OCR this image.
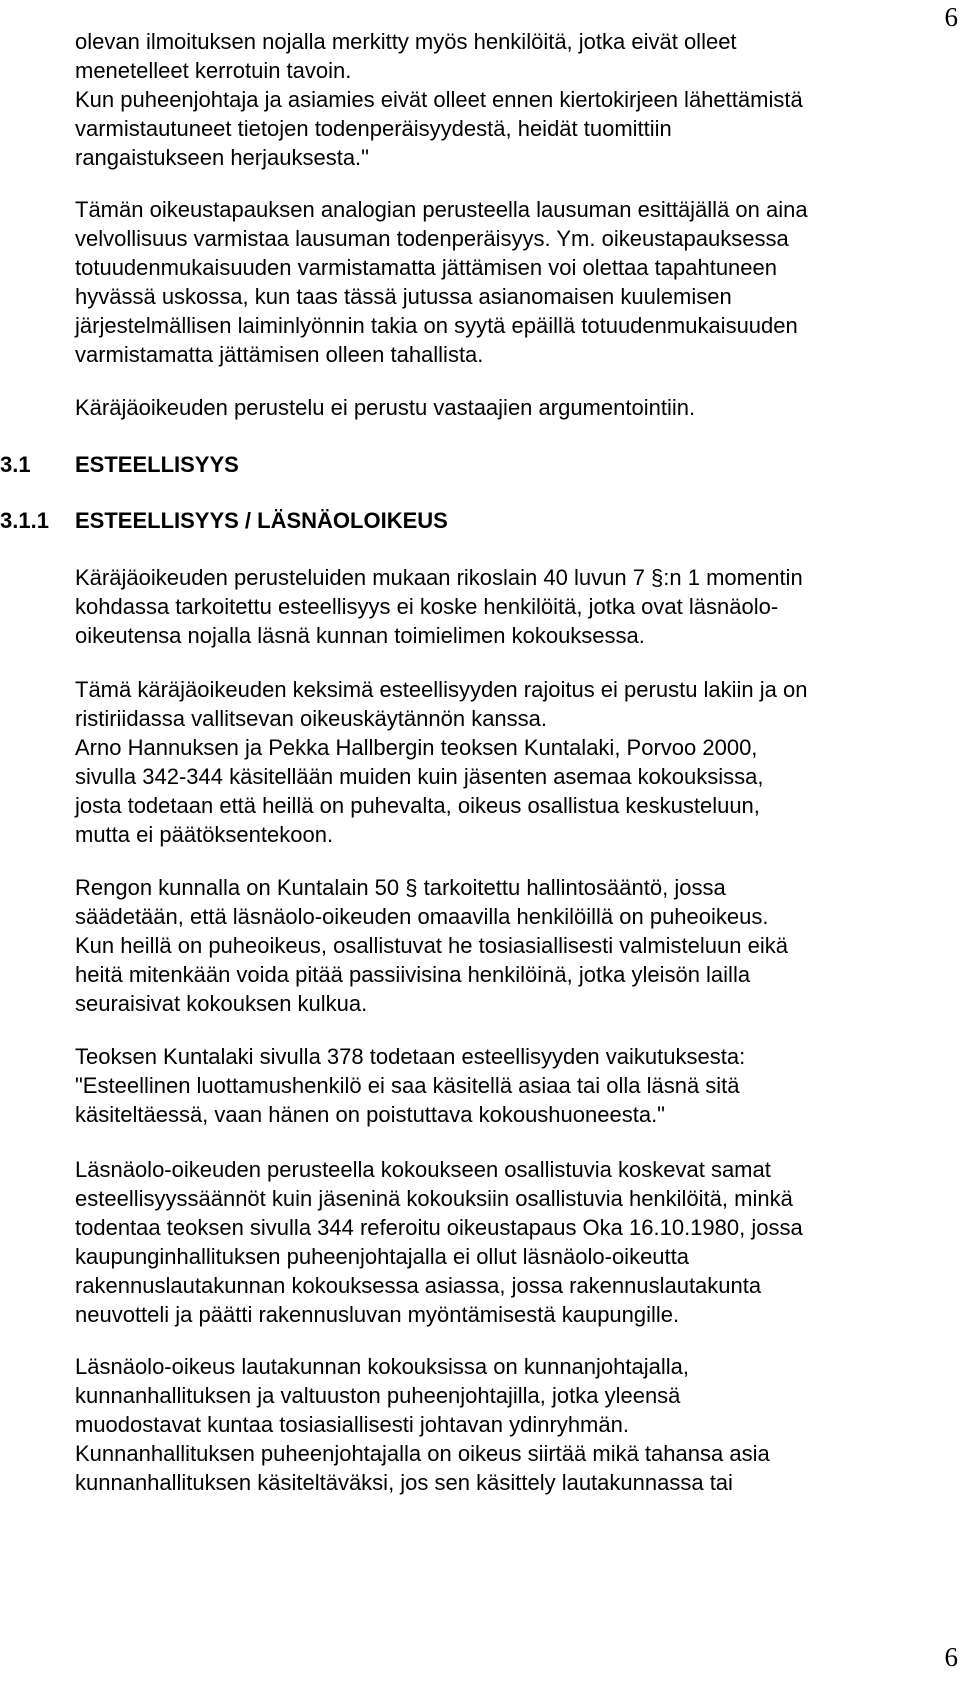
6
olevan ilmoituksen nojalla merkitty myös henkilöitä, jotka eivät olleet
menetelleet kerrotuin tavoin.
Kun puheenjohtaja ja asiamies eivät olleet ennen kiertokirjeen lähettämistä
varmistautuneet tietojen todenperäisyydestä, heidät tuomittiin
rangaistukseen herjauksesta."
Tämän oikeustapauksen analogian perusteella lausuman esittäjällä on aina
velvollisuus varmistaa lausuman todenperäisyys. Ym. oikeustapauksessa
totuudenmukaisuuden varmistamatta jättämisen voi olettaa tapahtuneen
hyvässä uskossa, kun taas tässä jutussa asianomaisen kuulemisen
järjestelmällisen laiminlyönnin takia on syytä epäillä totuudenmukaisuuden
varmistamatta jättämisen olleen tahallista.
Käräjäoikeuden perustelu ei perustu vastaajien argumentointiin.
3.1 ESTEELLISYYS
3.1.1 ESTEELLISYYS / LÄSNÄOLOIKEUS
Käräjäoikeuden perusteluiden mukaan rikoslain 40 luvun 7 §:n 1 momentin
kohdassa tarkoitettu esteellisyys ei koske henkilöitä, jotka ovat läsnäolo-
oikeutensa nojalla läsnä kunnan toimielimen kokouksessa.
Tämä käräjäoikeuden keksimä esteellisyyden rajoitus ei perustu lakiin ja on
ristiriidassa vallitsevan oikeuskäytännön kanssa.
Arno Hannuksen ja Pekka Hallbergin teoksen Kuntalaki, Porvoo 2000,
sivulla 342-344 käsitellään muiden kuin jäsenten asemaa kokouksissa,
josta todetaan että heillä on puhevalta, oikeus osallistua keskusteluun,
mutta ei päätöksentekoon.
Rengon kunnalla on Kuntalain 50 § tarkoitettu hallintosääntö, jossa
säädetään, että läsnäolo-oikeuden omaavilla henkilöillä on puheoikeus.
Kun heillä on puheoikeus, osallistuvat he tosiasiallisesti valmisteluun eikä
heitä mitenkään voida pitää passiivisina henkilöinä, jotka yleisön lailla
seuraisivat kokouksen kulkua.
Teoksen Kuntalaki sivulla 378 todetaan esteellisyyden vaikutuksesta:
"Esteellinen luottamushenkilö ei saa käsitellä asiaa tai olla läsnä sitä
käsiteltäessä, vaan hänen on poistuttava kokoushuoneesta."
Läsnäolo-oikeuden perusteella kokoukseen osallistuvia koskevat samat
esteellisyyssäännöt kuin jäseninä kokouksiin osallistuvia henkilöitä, minkä
todentaa teoksen sivulla 344 referoitu oikeustapaus Oka 16.10.1980, jossa
kaupunginhallituksen puheenjohtajalla ei ollut läsnäolo-oikeutta
rakennuslautakunnan kokouksessa asiassa, jossa rakennuslautakunta
neuvotteli ja päätti rakennusluvan myöntämisestä kaupungille.
Läsnäolo-oikeus lautakunnan kokouksissa on kunnanjohtajalla,
kunnanhallituksen ja valtuuston puheenjohtajilla, jotka yleensä
muodostavat kuntaa tosiasiallisesti johtavan ydinryhmän.
Kunnanhallituksen puheenjohtajalla on oikeus siirtää mikä tahansa asia
kunnanhallituksen käsiteltäväksi, jos sen käsittely lautakunnassa tai
6
